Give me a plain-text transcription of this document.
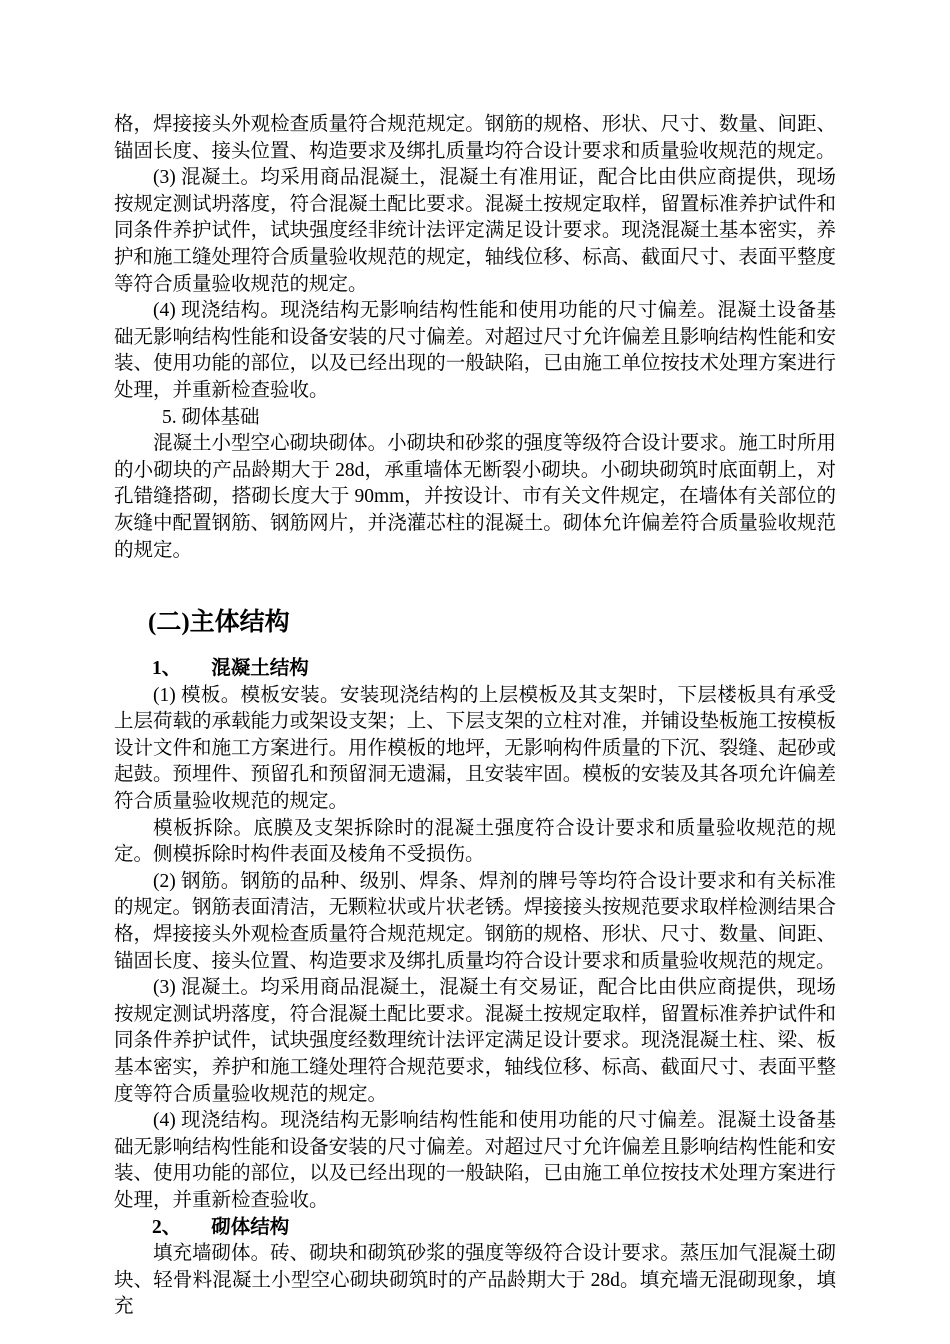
格，焊接接头外观检查质量符合规范规定。钢筋的规格、形状、尺寸、数量、间距、锚固长度、接头位置、构造要求及绑扎质量均符合设计要求和质量验收规范的规定。

(3) 混凝土。均采用商品混凝土，混凝土有准用证，配合比由供应商提供，现场按规定测试坍落度，符合混凝土配比要求。混凝土按规定取样，留置标准养护试件和同条件养护试件，试块强度经非统计法评定满足设计要求。现浇混凝土基本密实，养护和施工缝处理符合质量验收规范的规定，轴线位移、标高、截面尺寸、表面平整度等符合质量验收规范的规定。

(4) 现浇结构。现浇结构无影响结构性能和使用功能的尺寸偏差。混凝土设备基础无影响结构性能和设备安装的尺寸偏差。对超过尺寸允许偏差且影响结构性能和安装、使用功能的部位，以及已经出现的一般缺陷，已由施工单位按技术处理方案进行处理，并重新检查验收。

5. 砌体基础

混凝土小型空心砌块砌体。小砌块和砂浆的强度等级符合设计要求。施工时所用的小砌块的产品龄期大于 28d，承重墙体无断裂小砌块。小砌块砌筑时底面朝上，对孔错缝搭砌，搭砌长度大于 90mm，并按设计、市有关文件规定，在墙体有关部位的灰缝中配置钢筋、钢筋网片，并浇灌芯柱的混凝土。砌体允许偏差符合质量验收规范的规定。

(二)主体结构

1、 混凝土结构

(1) 模板。模板安装。安装现浇结构的上层模板及其支架时，下层楼板具有承受上层荷载的承载能力或架设支架；上、下层支架的立柱对准，并铺设垫板施工按模板设计文件和施工方案进行。用作模板的地坪，无影响构件质量的下沉、裂缝、起砂或起鼓。预埋件、预留孔和预留洞无遗漏，且安装牢固。模板的安装及其各项允许偏差符合质量验收规范的规定。

模板拆除。底膜及支架拆除时的混凝土强度符合设计要求和质量验收规范的规定。侧模拆除时构件表面及棱角不受损伤。

(2) 钢筋。钢筋的品种、级别、焊条、焊剂的牌号等均符合设计要求和有关标准的规定。钢筋表面清洁，无颗粒状或片状老锈。焊接接头按规范要求取样检测结果合格，焊接接头外观检查质量符合规范规定。钢筋的规格、形状、尺寸、数量、间距、锚固长度、接头位置、构造要求及绑扎质量均符合设计要求和质量验收规范的规定。

(3) 混凝土。均采用商品混凝土，混凝土有交易证，配合比由供应商提供，现场按规定测试坍落度，符合混凝土配比要求。混凝土按规定取样，留置标准养护试件和同条件养护试件，试块强度经数理统计法评定满足设计要求。现浇混凝土柱、梁、板基本密实，养护和施工缝处理符合规范要求，轴线位移、标高、截面尺寸、表面平整度等符合质量验收规范的规定。

(4) 现浇结构。现浇结构无影响结构性能和使用功能的尺寸偏差。混凝土设备基础无影响结构性能和设备安装的尺寸偏差。对超过尺寸允许偏差且影响结构性能和安装、使用功能的部位，以及已经出现的一般缺陷，已由施工单位按技术处理方案进行处理，并重新检查验收。

2、 砌体结构

填充墙砌体。砖、砌块和砌筑砂浆的强度等级符合设计要求。蒸压加气混凝土砌块、轻骨料混凝土小型空心砌块砌筑时的产品龄期大于 28d。填充墙无混砌现象，填充
